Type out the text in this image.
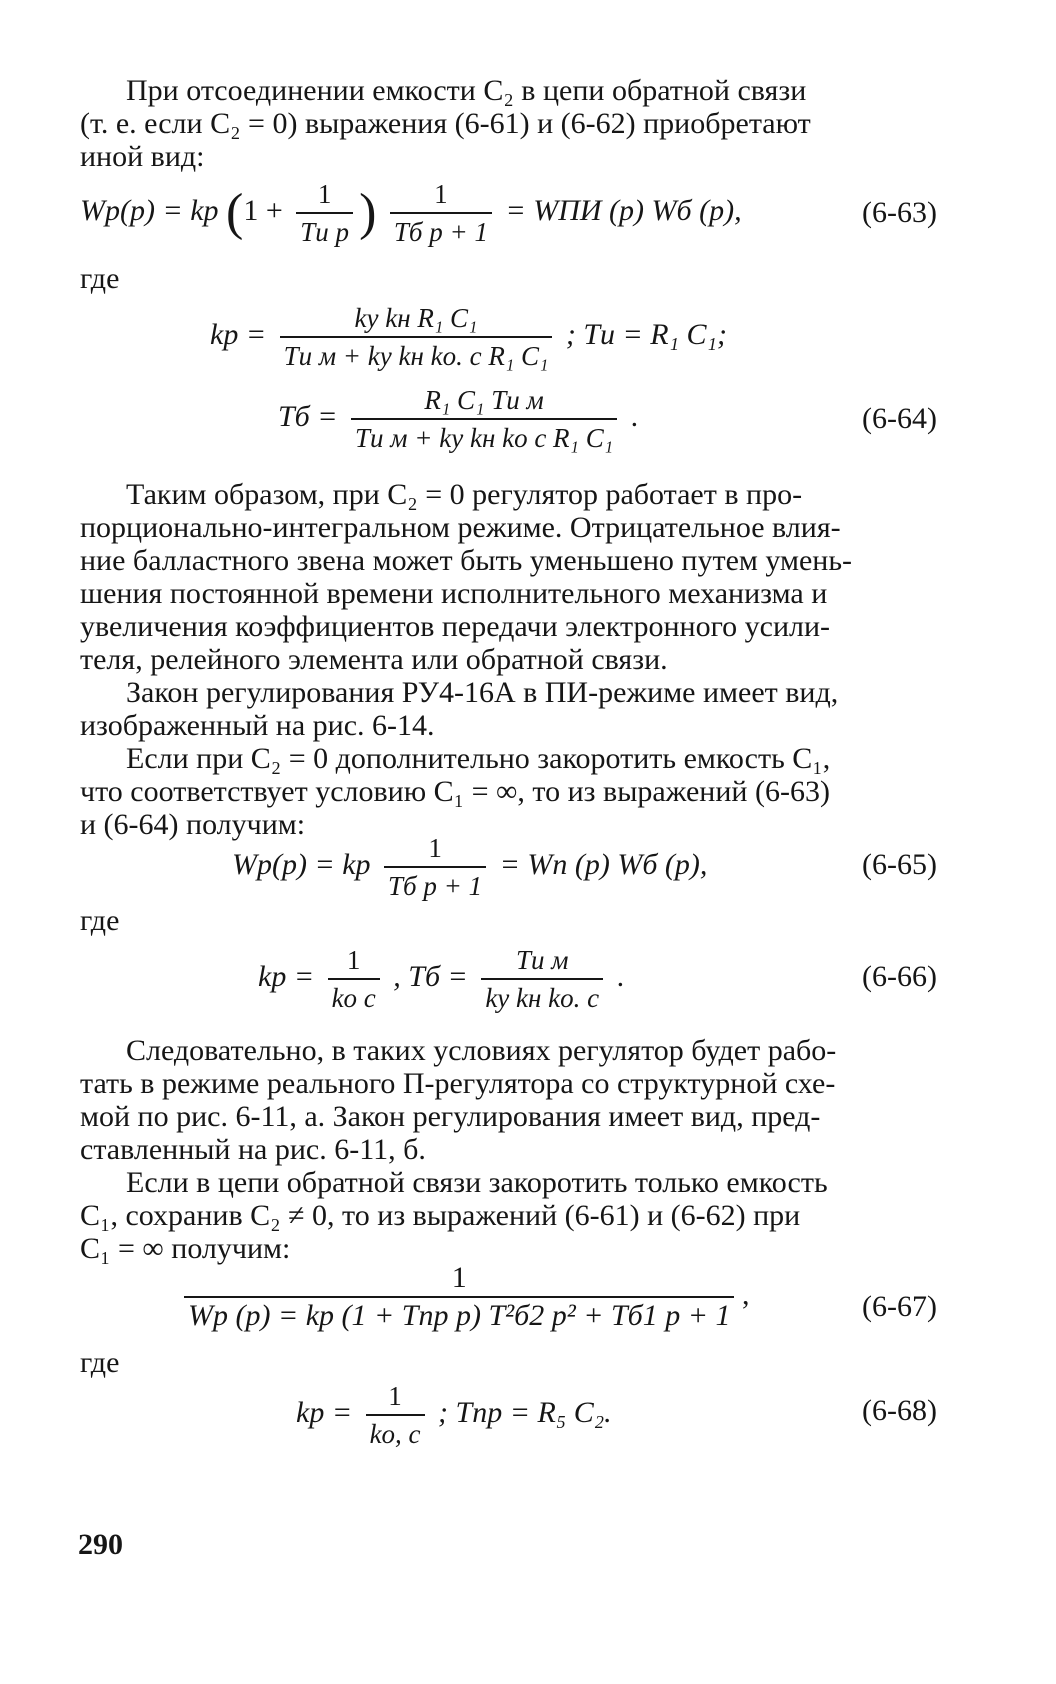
При отсоединении емкости C₂ в цепи обратной связи
(т. е. если C₂ = 0) выражения (6-61) и (6-62) приобретают
иной вид:

Wр(p) = kр ($1 + \frac{1}{\text{Tи p}}$ ) $\frac{1}{\text{Tб p + 1}}$ = WПИ (p) Wб (p),	(6-63)
где
kр = $\frac{\text{kу kн R₁ C₁}}{\text{Tи м + kу kн kо. с R₁ C₁}}$ ; Tи = R₁ C₁;
Tб = $\frac{\text{R₁ C₁ Tи м}}{\text{Tи м + kу kн kо с R₁ C₁}}$ .	(6-64)

Таким образом, при C₂ = 0 регулятор работает в про-
порционально-интегральном режиме. Отрицательное влия-
ние балластного звена может быть уменьшено путем умень-
шения постоянной времени исполнительного механизма и
увеличения коэффициентов передачи электронного усили-
теля, релейного элемента или обратной связи.

Закон регулирования РУ4-16А в ПИ-режиме имеет вид,
изображенный на рис. 6-14.

Если при C₂ = 0 дополнительно закоротить емкость C₁,
что соответствует условию C₁ = ∞, то из выражений (6-63)
и (6-64) получим:

Wр(p) = kр $\frac{1}{\text{Tб p + 1}}$ = Wп (p) Wб (p),	(6-65)
где
kр = $\frac{1}{\text{kо с}}$ , Tб = $\frac{\text{Tи м}}{\text{kу kн kо. с}}$ .	(6-66)

Следовательно, в таких условиях регулятор будет рабо-
тать в режиме реального П-регулятора со структурной схе-
мой по рис. 6-11, а. Закон регулирования имеет вид, пред-
ставленный на рис. 6-11, б.

Если в цепи обратной связи закоротить только емкость
C₁, сохранив C₂ ≠ 0, то из выражений (6-61) и (6-62) при
C₁ = ∞ получим:

$\frac{1}{\text{Wр (p) = kр (1 + Tпр p) T²б2 p² + Tб1 p + 1}}$ ,	(6-67)
где
kр = $\frac{1}{kо, с}$ ; Tпр = R₅ C₂.	(6-68)
290
